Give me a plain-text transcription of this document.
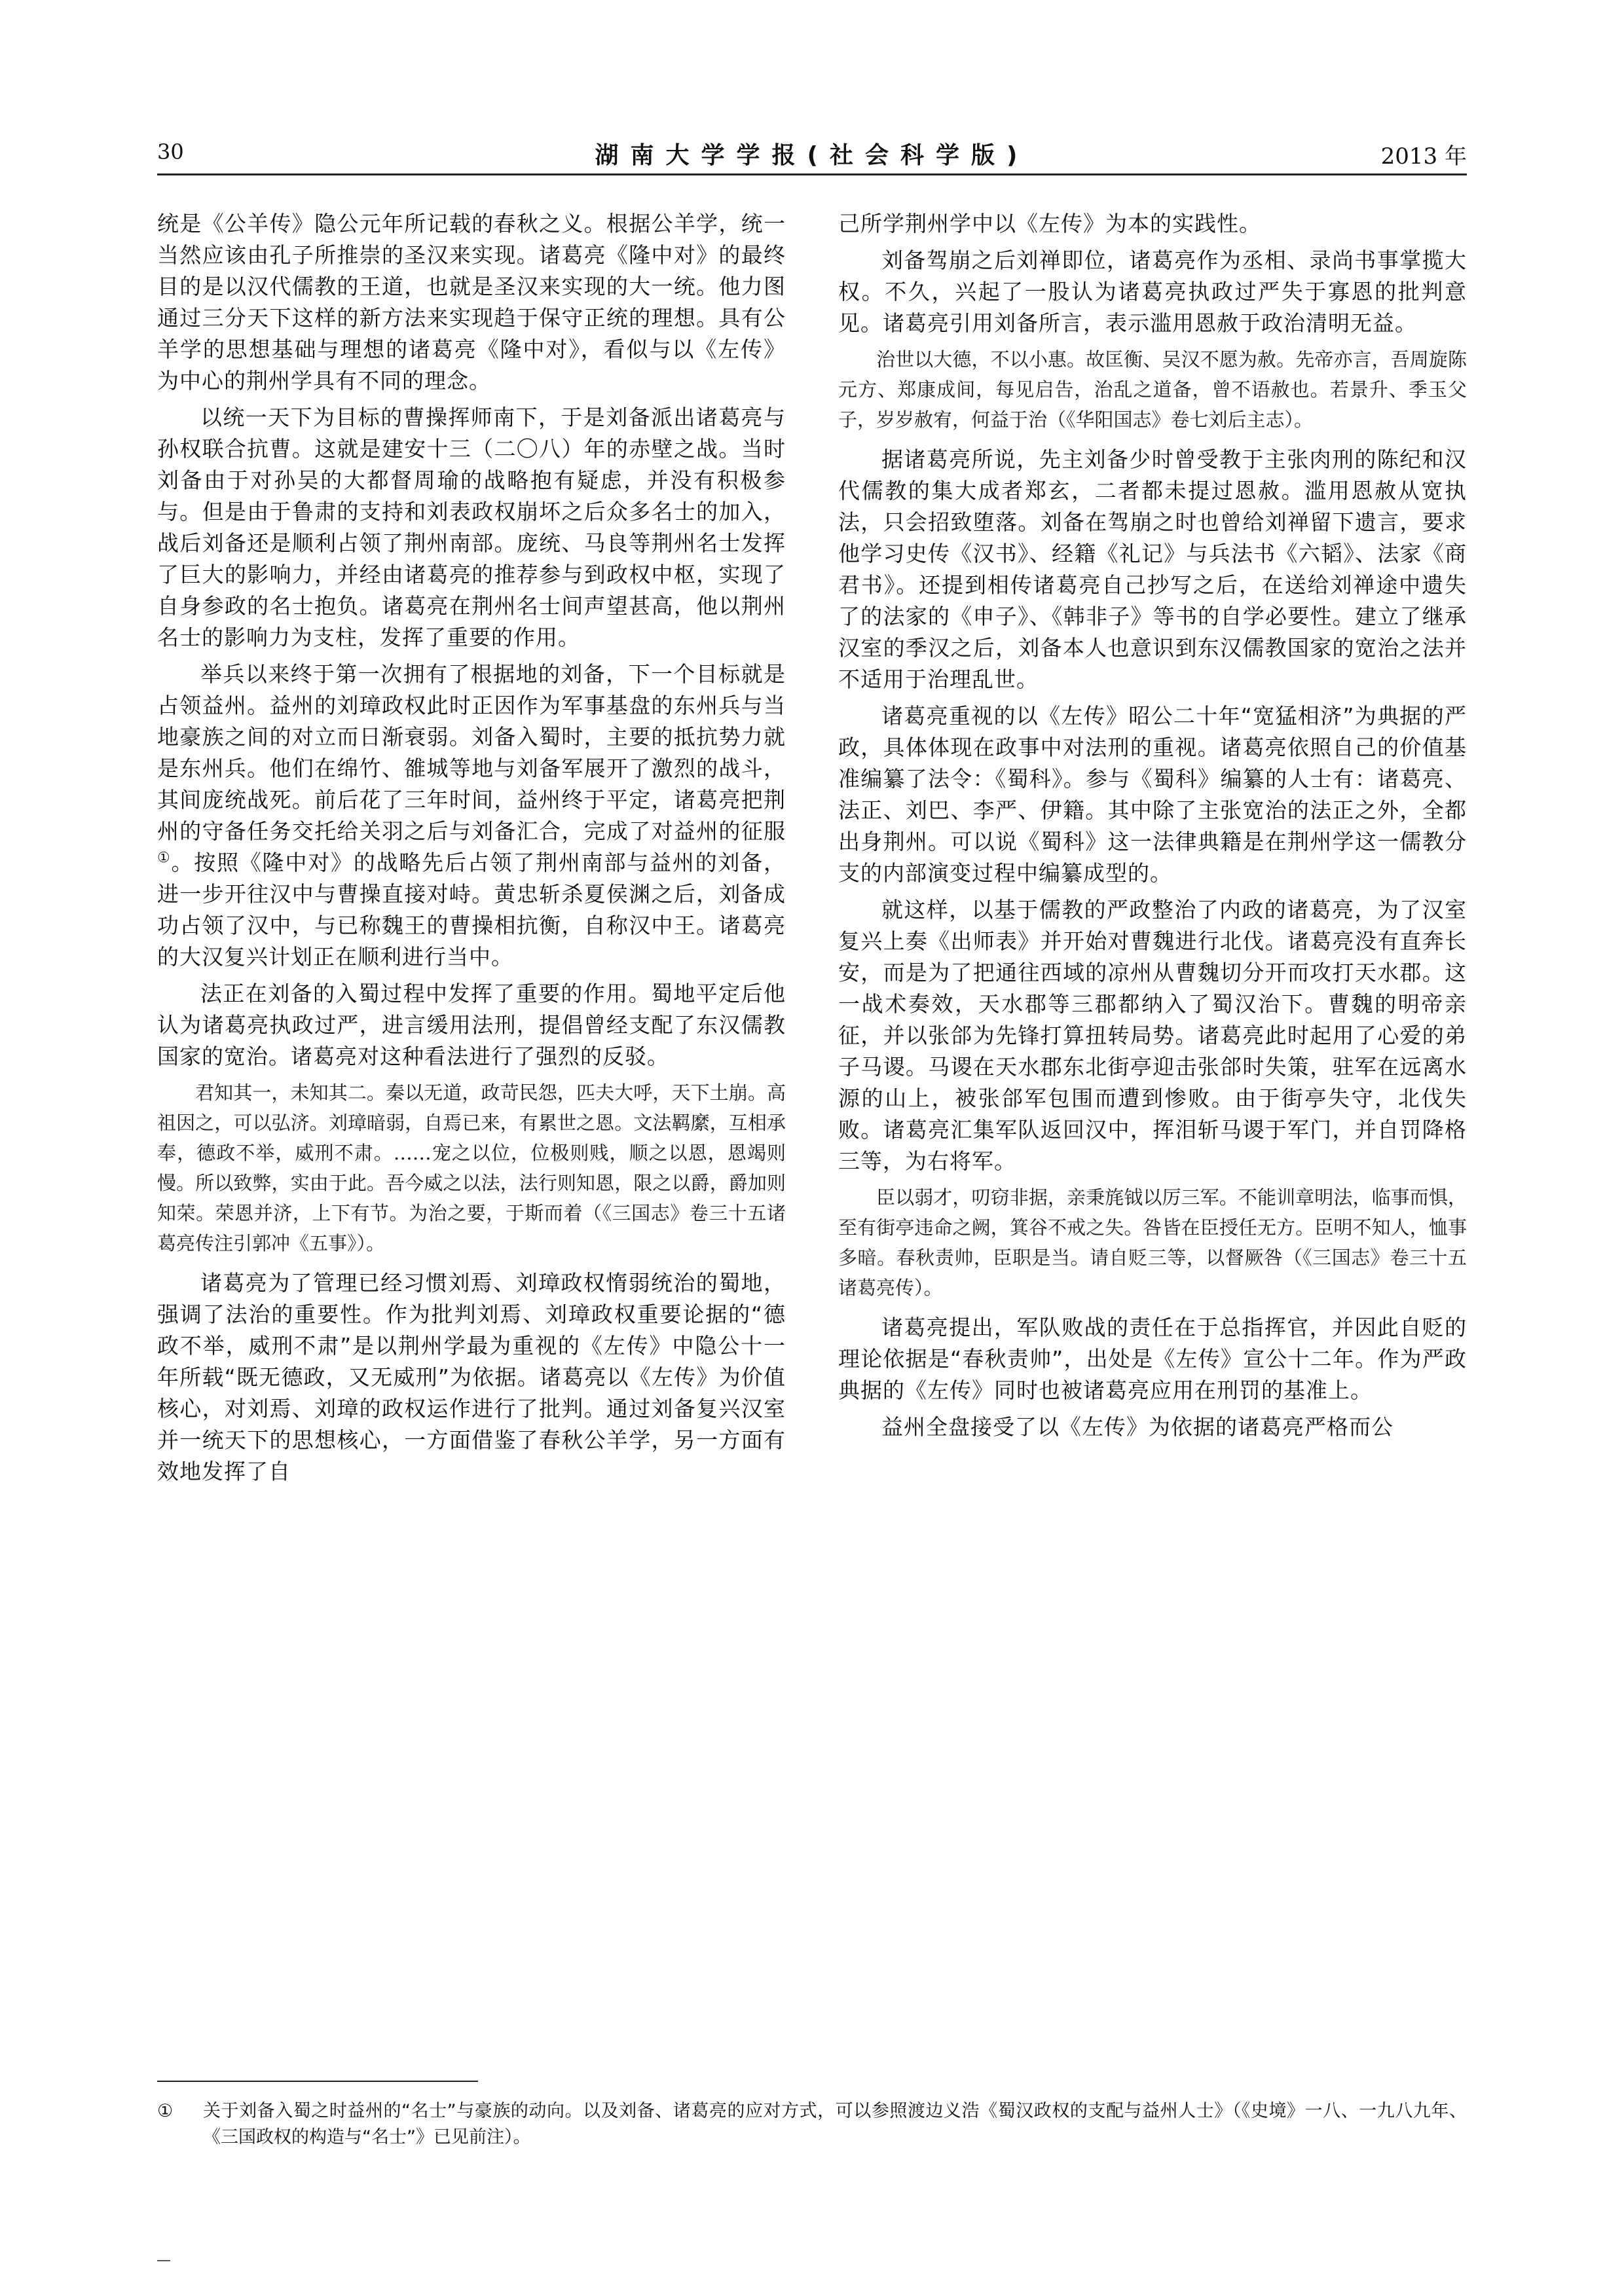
30	湖南大学学报(社会科学版)	2013 年

统是《公羊传》隐公元年所记载的春秋之义。根据公羊学，统一当然应该由孔子所推崇的圣汉来实现。诸葛亮《隆中对》的最终目的是以汉代儒教的王道，也就是圣汉来实现的大一统。他力图通过三分天下这样的新方法来实现趋于保守正统的理想。具有公羊学的思想基础与理想的诸葛亮《隆中对》，看似与以《左传》为中心的荆州学具有不同的理念。

以统一天下为目标的曹操挥师南下，于是刘备派出诸葛亮与孙权联合抗曹。这就是建安十三（二〇八）年的赤壁之战。当时刘备由于对孙吴的大都督周瑜的战略抱有疑虑，并没有积极参与。但是由于鲁肃的支持和刘表政权崩坏之后众多名士的加入，战后刘备还是顺利占领了荆州南部。庞统、马良等荆州名士发挥了巨大的影响力，并经由诸葛亮的推荐参与到政权中枢，实现了自身参政的名士抱负。诸葛亮在荆州名士间声望甚高，他以荆州名士的影响力为支柱，发挥了重要的作用。

举兵以来终于第一次拥有了根据地的刘备，下一个目标就是占领益州。益州的刘璋政权此时正因作为军事基盘的东州兵与当地豪族之间的对立而日渐衰弱。刘备入蜀时，主要的抵抗势力就是东州兵。他们在绵竹、雒城等地与刘备军展开了激烈的战斗，其间庞统战死。前后花了三年时间，益州终于平定，诸葛亮把荆州的守备任务交托给关羽之后与刘备汇合，完成了对益州的征服①。按照《隆中对》的战略先后占领了荆州南部与益州的刘备，进一步开往汉中与曹操直接对峙。黄忠斩杀夏侯渊之后，刘备成功占领了汉中，与已称魏王的曹操相抗衡，自称汉中王。诸葛亮的大汉复兴计划正在顺利进行当中。

法正在刘备的入蜀过程中发挥了重要的作用。蜀地平定后他认为诸葛亮执政过严，进言缓用法刑，提倡曾经支配了东汉儒教国家的宽治。诸葛亮对这种看法进行了强烈的反驳。

君知其一，未知其二。秦以无道，政苛民怨，匹夫大呼，天下土崩。高祖因之，可以弘济。刘璋暗弱，自焉已来，有累世之恩。文法羁縻，互相承奉，德政不举，威刑不肃。……宠之以位，位极则贱，顺之以恩，恩竭则慢。所以致弊，实由于此。吾今威之以法，法行则知恩，限之以爵，爵加则知荣。荣恩并济，上下有节。为治之要，于斯而着（《三国志》卷三十五诸葛亮传注引郭冲《五事》）。

诸葛亮为了管理已经习惯刘焉、刘璋政权惰弱统治的蜀地，强调了法治的重要性。作为批判刘焉、刘璋政权重要论据的“德政不举，威刑不肃”是以荆州学最为重视的《左传》中隐公十一年所载“既无德政，又无威刑”为依据。诸葛亮以《左传》为价值核心，对刘焉、刘璋的政权运作进行了批判。通过刘备复兴汉室并一统天下的思想核心，一方面借鉴了春秋公羊学，另一方面有效地发挥了自

己所学荆州学中以《左传》为本的实践性。

刘备驾崩之后刘禅即位，诸葛亮作为丞相、录尚书事掌揽大权。不久，兴起了一股认为诸葛亮执政过严失于寡恩的批判意见。诸葛亮引用刘备所言，表示滥用恩赦于政治清明无益。

治世以大德，不以小惠。故匡衡、吴汉不愿为赦。先帝亦言，吾周旋陈元方、郑康成间，每见启告，治乱之道备，曾不语赦也。若景升、季玉父子，岁岁赦宥，何益于治（《华阳国志》卷七刘后主志）。

据诸葛亮所说，先主刘备少时曾受教于主张肉刑的陈纪和汉代儒教的集大成者郑玄，二者都未提过恩赦。滥用恩赦从宽执法，只会招致堕落。刘备在驾崩之时也曾给刘禅留下遗言，要求他学习史传《汉书》、经籍《礼记》与兵法书《六韬》、法家《商君书》。还提到相传诸葛亮自己抄写之后，在送给刘禅途中遗失了的法家的《申子》、《韩非子》等书的自学必要性。建立了继承汉室的季汉之后，刘备本人也意识到东汉儒教国家的宽治之法并不适用于治理乱世。

诸葛亮重视的以《左传》昭公二十年“宽猛相济”为典据的严政，具体体现在政事中对法刑的重视。诸葛亮依照自己的价值基准编纂了法令：《蜀科》。参与《蜀科》编纂的人士有：诸葛亮、法正、刘巴、李严、伊籍。其中除了主张宽治的法正之外，全都出身荆州。可以说《蜀科》这一法律典籍是在荆州学这一儒教分支的内部演变过程中编纂成型的。

就这样，以基于儒教的严政整治了内政的诸葛亮，为了汉室复兴上奏《出师表》并开始对曹魏进行北伐。诸葛亮没有直奔长安，而是为了把通往西域的凉州从曹魏切分开而攻打天水郡。这一战术奏效，天水郡等三郡都纳入了蜀汉治下。曹魏的明帝亲征，并以张郃为先锋打算扭转局势。诸葛亮此时起用了心爱的弟子马谡。马谡在天水郡东北街亭迎击张郃时失策，驻军在远离水源的山上，被张郃军包围而遭到惨败。由于街亭失守，北伐失败。诸葛亮汇集军队返回汉中，挥泪斩马谡于军门，并自罚降格三等，为右将军。

臣以弱才，叨窃非据，亲秉旄钺以厉三军。不能训章明法，临事而惧，至有街亭违命之阙，箕谷不戒之失。咎皆在臣授任无方。臣明不知人，恤事多暗。春秋责帅，臣职是当。请自贬三等，以督厥咎（《三国志》卷三十五诸葛亮传）。

诸葛亮提出，军队败战的责任在于总指挥官，并因此自贬的理论依据是“春秋责帅”，出处是《左传》宣公十二年。作为严政典据的《左传》同时也被诸葛亮应用在刑罚的基准上。

益州全盘接受了以《左传》为依据的诸葛亮严格而公

① 关于刘备入蜀之时益州的“名士”与豪族的动向。以及刘备、诸葛亮的应对方式，可以参照渡边义浩《蜀汉政权的支配与益州人士》（《史境》一八、一九八九年、《三国政权的构造与“名士”》已见前注）。
